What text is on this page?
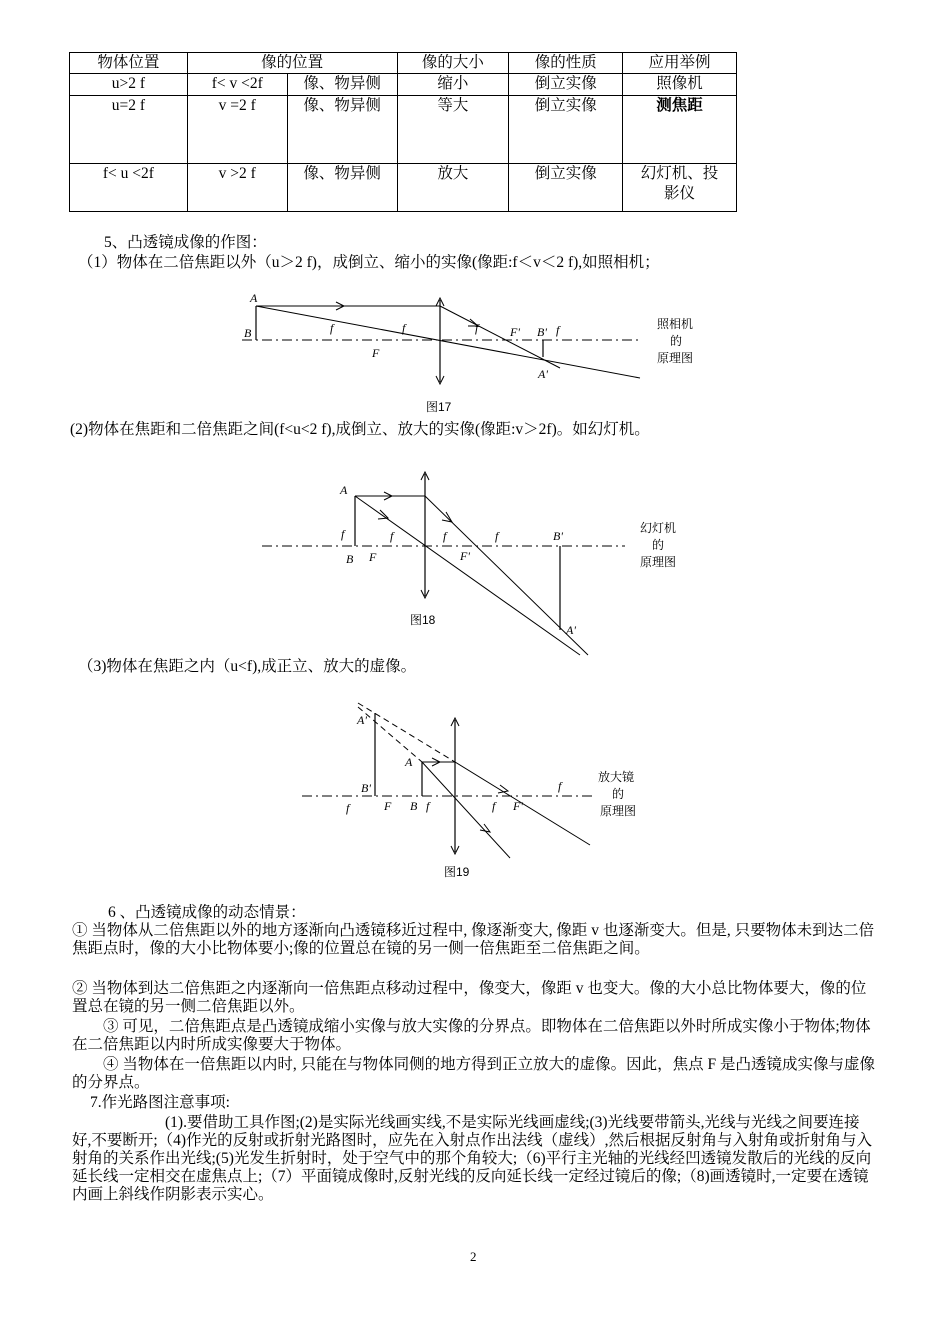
物体位置	像的位置		像的大小	像的性质	应用举例
u>2 f	f< v <2f	像、物异侧	缩小	倒立实像	照像机
u=2 f	v =2 f	像、物异侧	等大	倒立实像	测焦距
f< u <2f	v >2 f	像、物异侧	放大	倒立实像	幻灯机、投影仪
5、凸透镜成像的作图：
（1）物体在二倍焦距以外（u＞2 f)，成倒立、缩小的实像(像距:f＜v＜2 f),如照相机；
A
B	f
F
f	f	F' B' f
A'
图17
照相机
的
原理图
(2)物体在焦距和二倍焦距之间(f<u<2 f),成倒立、放大的实像(像距:v＞2f)。如幻灯机。
A
B
f
F
f	f
F'
f	B'
A'
图18
幻灯机
的
原理图
（3)物体在焦距之内（u<f),成正立、放大的虚像。
A'
A
B'
f	F B f	f F'
f
图19
放大镜
的
原理图
6 、凸透镜成像的动态情景：
① 当物体从二倍焦距以外的地方逐渐向凸透镜移近过程中, 像逐渐变大, 像距 v 也逐渐变大。但是, 只要物体未到达二倍焦距点时，像的大小比物体要小;像的位置总在镜的另一侧一倍焦距至二倍焦距之间。
② 当物体到达二倍焦距之内逐渐向一倍焦距点移动过程中，像变大，像距 v 也变大。像的大小总比物体要大，像的位置总在镜的另一侧二倍焦距以外。
③ 可见，二倍焦距点是凸透镜成缩小实像与放大实像的分界点。即物体在二倍焦距以外时所成实像小于物体;物体在二倍焦距以内时所成实像要大于物体。
④ 当物体在一倍焦距以内时, 只能在与物体同侧的地方得到正立放大的虚像。因此，焦点 F 是凸透镜成实像与虚像的分界点。
7.作光路图注意事项:
(1).要借助工具作图;(2)是实际光线画实线,不是实际光线画虚线;(3)光线要带箭头,光线与光线之间要连接好,不要断开;（4)作光的反射或折射光路图时，应先在入射点作出法线（虚线）,然后根据反射角与入射角或折射角与入射角的关系作出光线;(5)光发生折射时，处于空气中的那个角较大;（6)平行主光轴的光线经凹透镜发散后的光线的反向延长线一定相交在虚焦点上;（7）平面镜成像时,反射光线的反向延长线一定经过镜后的像;（8)画透镜时,一定要在透镜内画上斜线作阴影表示实心。
2
